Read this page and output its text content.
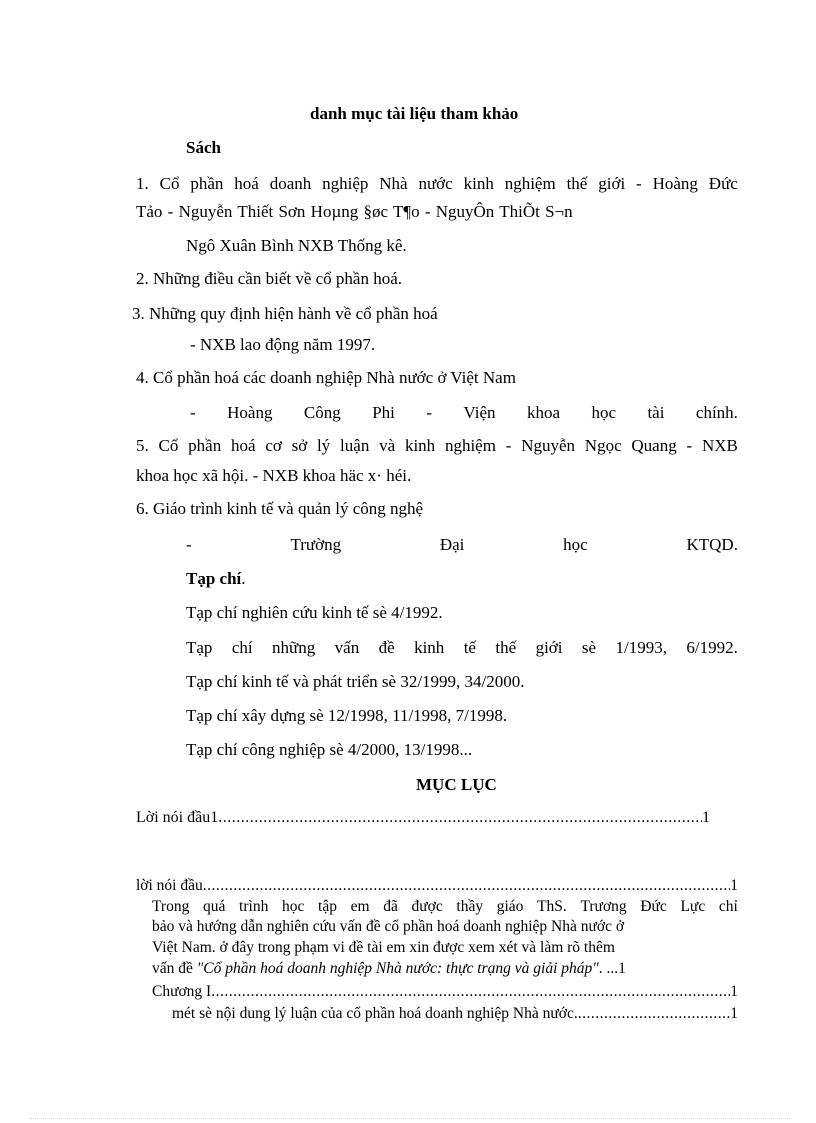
danh mục tài liệu tham khảo
Sách
1. Cổ phần hoá doanh nghiệp Nhà nước kinh nghiệm thế giới - Hoàng Đức
Tảo - Nguyễn Thiết Sơn Hoµng §øc T¶o - NguyÔn ThiÕt S¬n
Ngô Xuân Bình NXB Thống kê.
2. Những điều cần biết về cổ phần hoá.
3. Những quy định hiện hành về cổ phần hoá
- NXB lao động năm 1997.
4. Cổ phần hoá các doanh nghiệp Nhà nước ở Việt Nam
- Hoàng Công Phi - Viện khoa học tài chính.
5. Cổ phần hoá cơ sở lý luận và kinh nghiệm - Nguyễn Ngọc Quang - NXB
khoa học xã hội. - NXB khoa häc x· héi.
6. Giáo trình kinh tế và quản lý công nghệ
-	Trường	Đại	học	KTQD.
Tạp chí.
Tạp chí nghiên cứu kinh tế sè 4/1992.
Tạp chí những vấn đề kinh tế thế giới sè 1/1993, 6/1992.
Tạp chí kinh tế và phát triển sè 32/1999, 34/2000.
Tạp chí xây dựng sè 12/1998, 11/1998, 7/1998.
Tạp chí công nghiệp sè 4/2000, 13/1998...
MỤC LỤC
Lời nói đầu1 .....	1
lời nói đầu .....	1
Trong quá trình học tập em đã được thầy giáo ThS. Trương Đức Lực chỉ
bảo và hướng dẫn nghiên cứu vấn đề cổ phần hoá doanh nghiệp Nhà nước ở
Việt Nam. ở đây trong phạm vi đề tài em xin được xem xét và làm rõ thêm
vấn đề "Cổ phần hoá doanh nghiệp Nhà nước: thực trạng và giải pháp". ...1
Chương I .....	1
mét sè nội dung lý luận của cổ phần hoá doanh nghiệp Nhà nước. .....	1
